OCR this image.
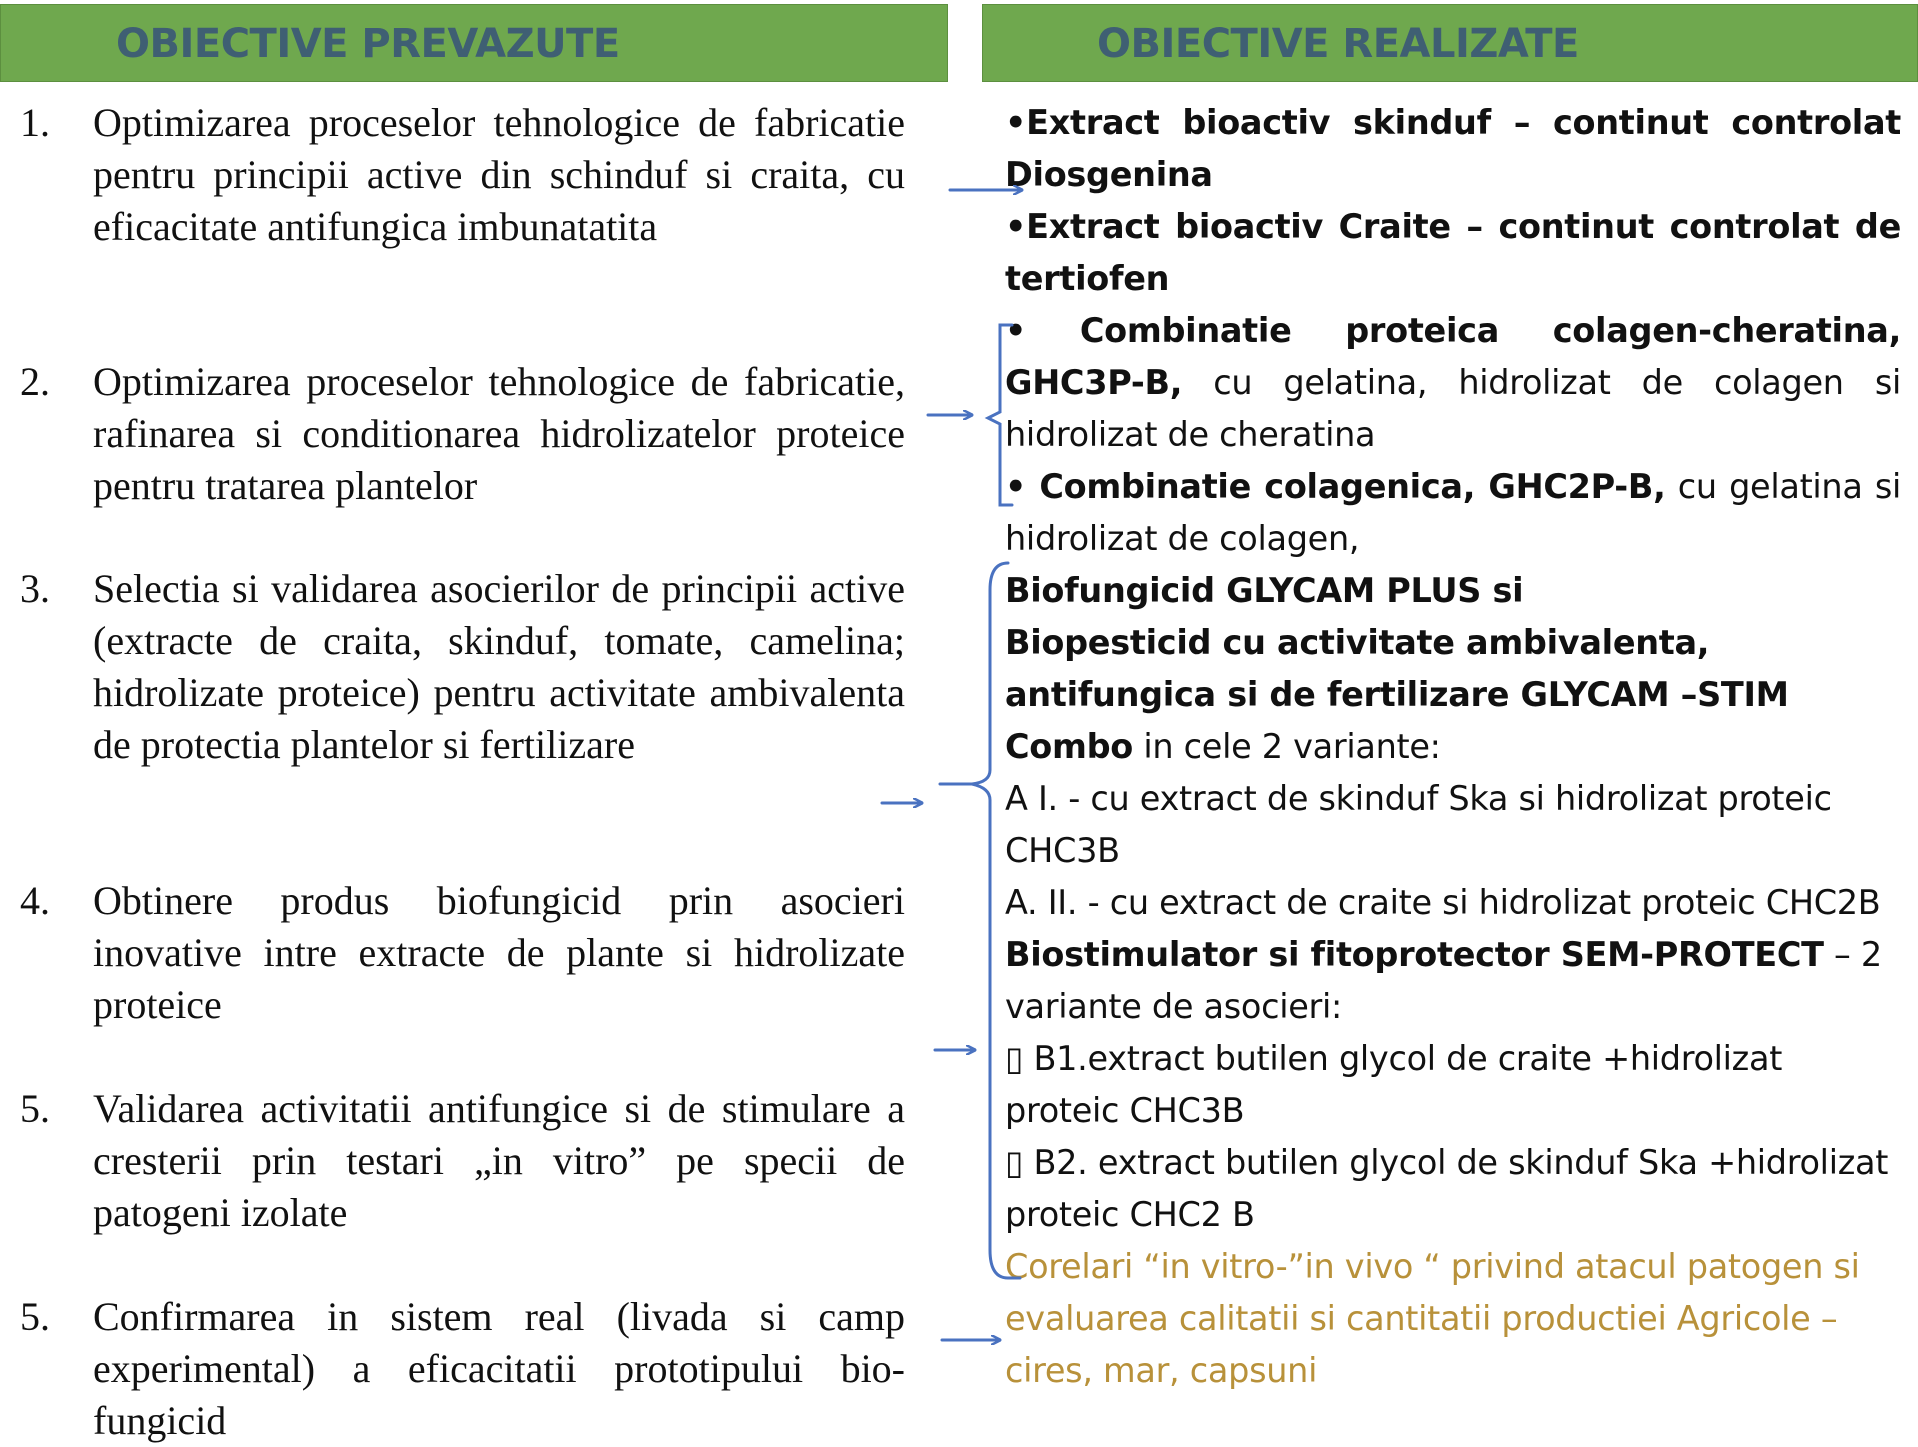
OBIECTIVE PREVAZUTE	OBIECTIVE REALIZATE
1. Optimizarea proceselor tehnologice de fabricatie pentru principii active din schinduf si craita, cu eficacitate antifungica imbunatatita
2. Optimizarea proceselor tehnologice de fabricatie, rafinarea si conditionarea hidrolizatelor proteice pentru tratarea plantelor
3. Selectia si validarea asocierilor de principii active (extracte de craita, skinduf, tomate, camelina; hidrolizate proteice) pentru activitate ambivalenta de protectia plantelor si fertilizare
4. Obtinere produs biofungicid prin asocieri inovative intre extracte de plante si hidrolizate proteice
5. Validarea activitatii antifungice si de stimulare a cresterii prin testari „in vitro” pe specii de patogeni izolate
5. Confirmarea in sistem real (livada si camp experimental) a eficacitatii prototipului bio-fungicid

•Extract bioactiv skinduf – continut controlat Diosgenina

•Extract bioactiv Craite – continut controlat de tertiofen

• Combinatie proteica colagen-cheratina, GHC3P-B, cu gelatina, hidrolizat de colagen si hidrolizat de cheratina

• Combinatie colagenica, GHC2P-B, cu gelatina si hidrolizat de colagen,

Biofungicid GLYCAM PLUS si

Biopesticid cu activitate ambivalenta, antifungica si de fertilizare GLYCAM –STIM Combo in cele 2 variante:

A I. - cu extract de skinduf Ska si hidrolizat proteic CHC3B

A. II. - cu extract de craite si hidrolizat proteic CHC2B

Biostimulator si fitoprotector SEM-PROTECT – 2 variante de asocieri:

▯ B1.extract butilen glycol de craite +hidrolizat proteic CHC3B

▯ B2. extract butilen glycol de skinduf Ska +hidrolizat proteic CHC2 B

Corelari “in vitro-”in vivo “ privind atacul patogen si evaluarea calitatii si cantitatii productiei Agricole – cires, mar, capsuni
